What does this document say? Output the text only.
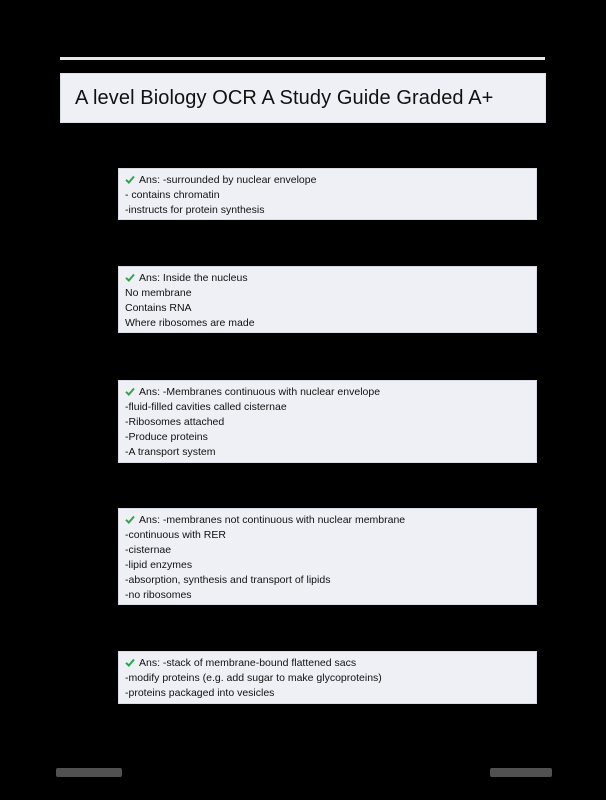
A level Biology OCR A Study Guide Graded A+
Ans: -surrounded by nuclear envelope
- contains chromatin
-instructs for protein synthesis
Ans: Inside the nucleus
No membrane
Contains RNA
Where ribosomes are made
Ans: -Membranes continuous with nuclear envelope
-fluid-filled cavities called cisternae
-Ribosomes attached
-Produce proteins
-A transport system
Ans: -membranes not continuous with nuclear membrane
-continuous with RER
-cisternae
-lipid enzymes
-absorption, synthesis and transport of lipids
-no ribosomes
Ans: -stack of membrane-bound flattened sacs
-modify proteins (e.g. add sugar to make glycoproteins)
-proteins packaged into vesicles
